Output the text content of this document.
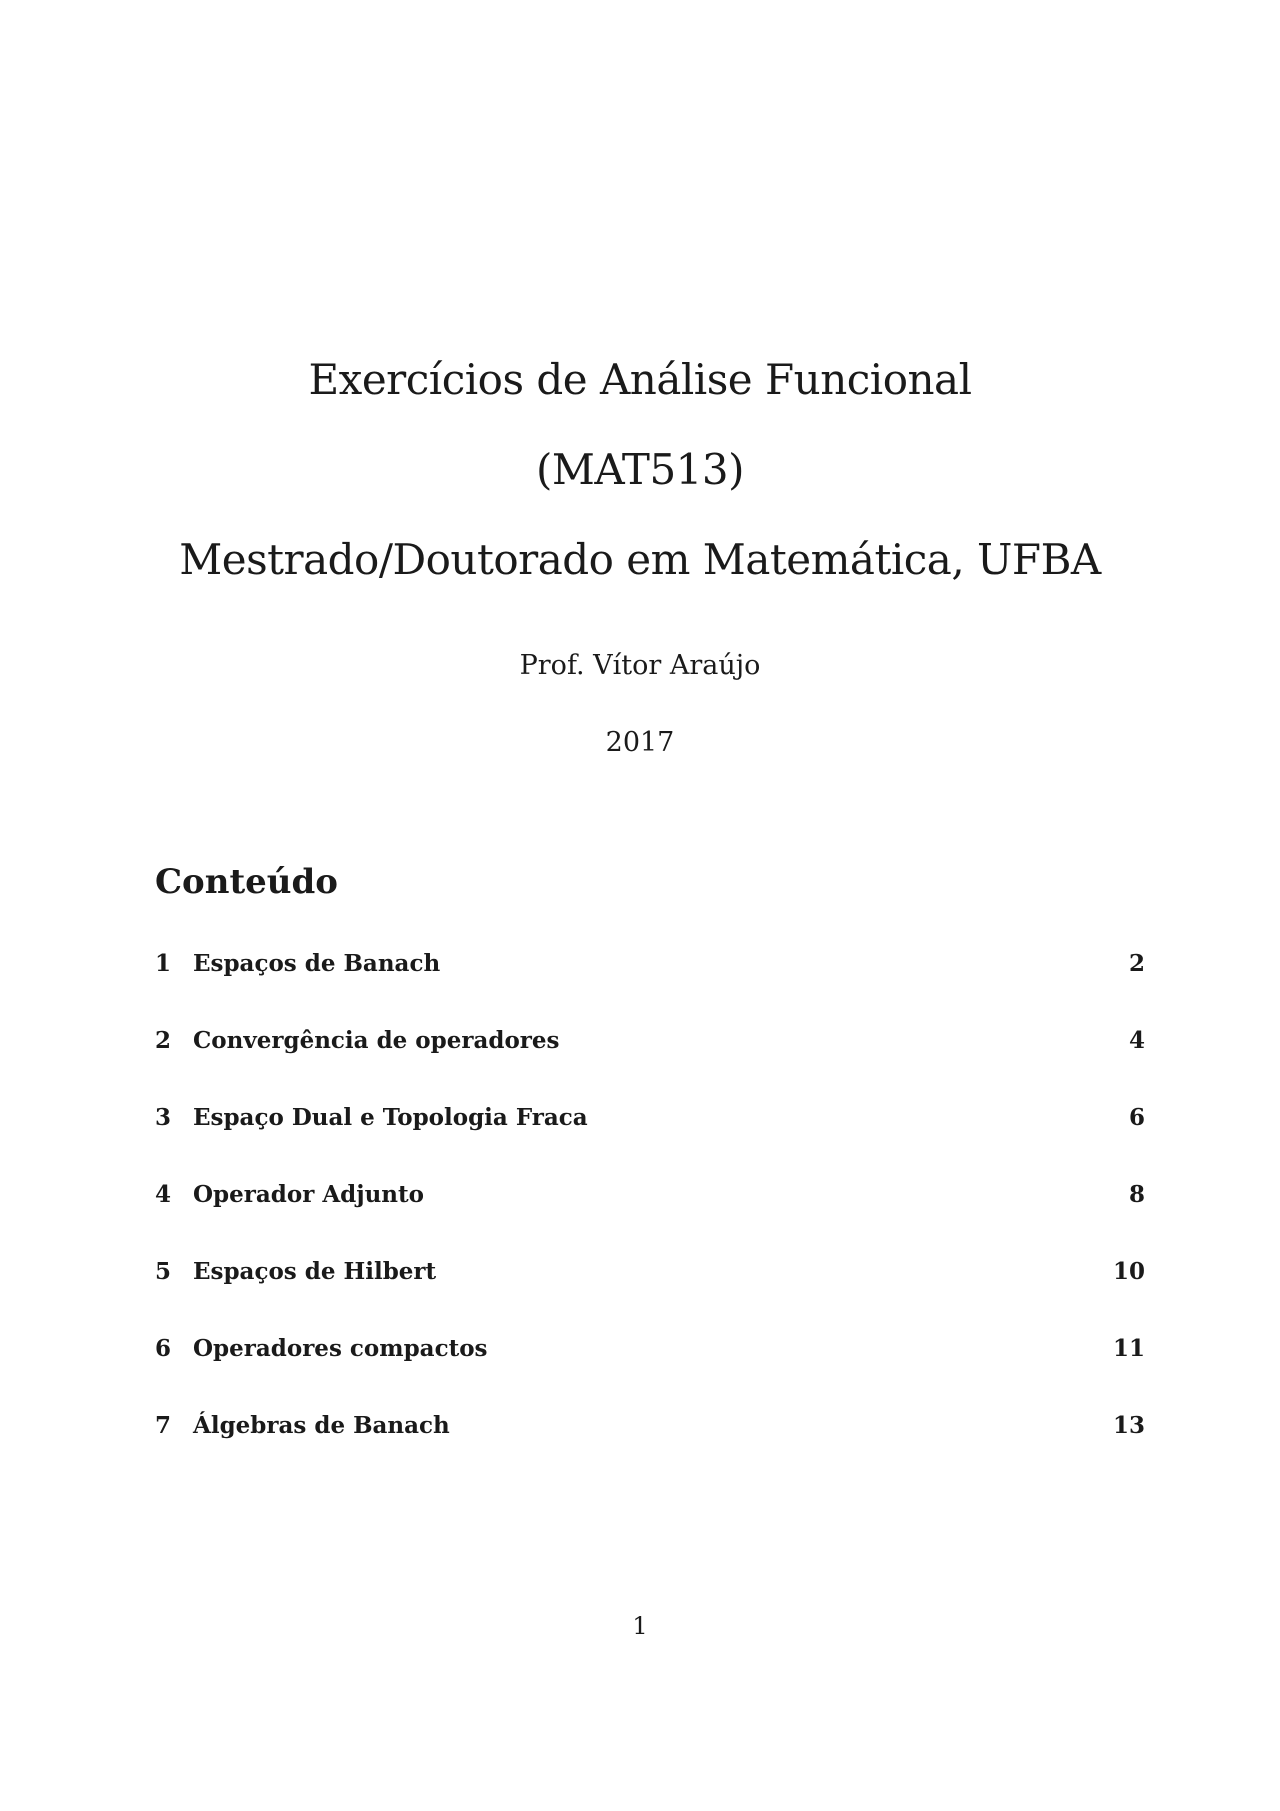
Exercícios de Análise Funcional
(MAT513)
Mestrado/Doutorado em Matemática, UFBA
Prof. Vítor Araújo
2017
Conteúdo
1 Espaços de Banach	2
2 Convergência de operadores	4
3 Espaço Dual e Topologia Fraca	6
4 Operador Adjunto	8
5 Espaços de Hilbert	10
6 Operadores compactos	11
7 Álgebras de Banach	13
1
